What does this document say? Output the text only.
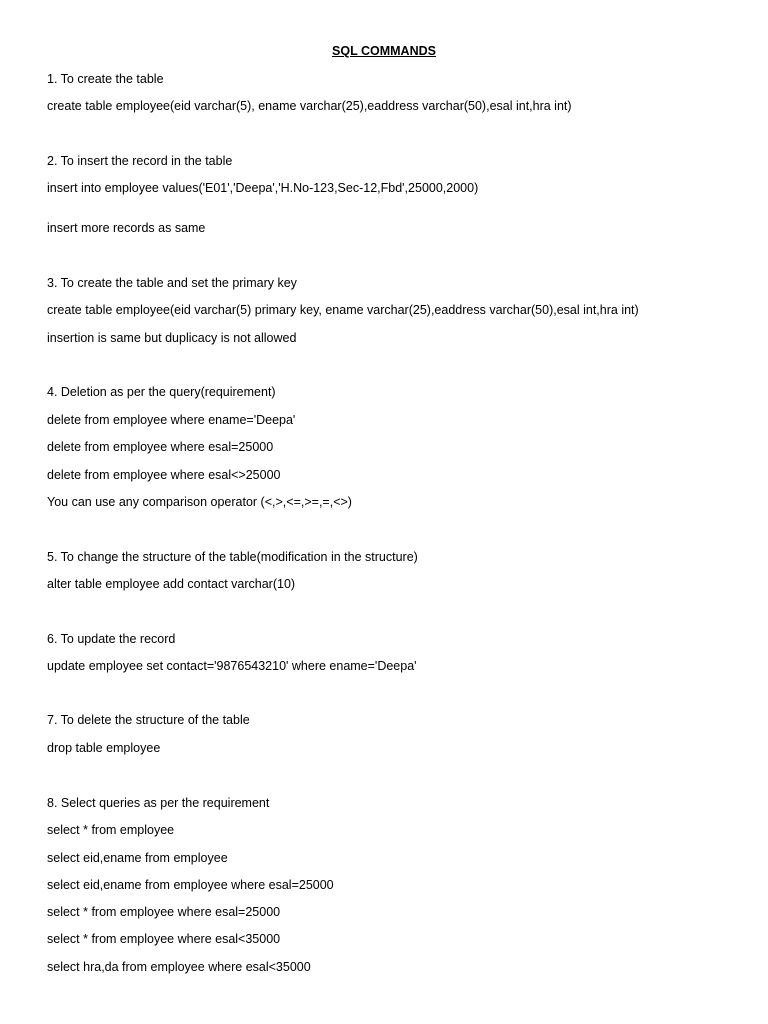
SQL COMMANDS
1. To create the table
create table employee(eid varchar(5), ename varchar(25),eaddress varchar(50),esal int,hra int)
2. To insert the record in the table
insert into employee values('E01','Deepa','H.No-123,Sec-12,Fbd',25000,2000)
insert more records as same
3. To create the table and set the primary key
create table employee(eid varchar(5) primary key, ename varchar(25),eaddress varchar(50),esal int,hra int)
insertion is same but duplicacy is not allowed
4. Deletion as per the query(requirement)
delete from employee where ename='Deepa'
delete from employee where esal=25000
delete from employee where esal<>25000
You can use any comparison operator (<,>,<=,>=,=,<>)
5. To change the structure of the table(modification in the structure)
alter table employee add contact varchar(10)
6. To update the record
update employee set contact='9876543210' where ename='Deepa'
7. To delete the structure of the table
drop table employee
8. Select queries as per the requirement
select * from employee
select eid,ename from employee
select eid,ename from employee where esal=25000
select * from employee where esal=25000
select * from employee where esal<35000
select hra,da from employee where esal<35000
